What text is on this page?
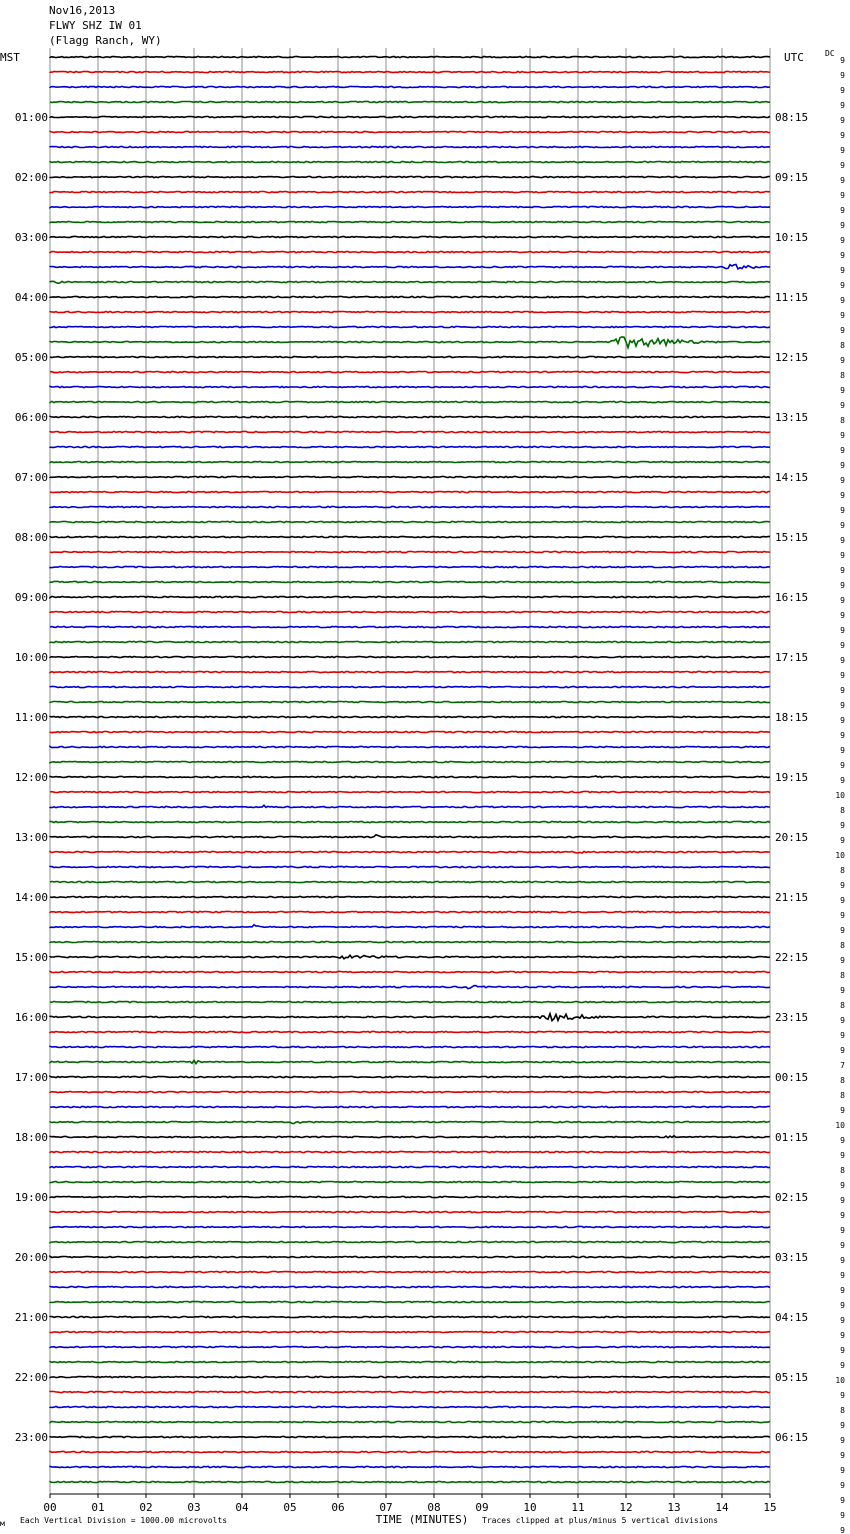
Nov16,2013
FLWY SHZ IW 01
(Flagg Ranch, WY)
MST	UTC	DC
01:00
02:00
03:00
04:00
05:00
06:00
07:00
08:00
09:00
10:00
11:00
12:00
13:00
14:00
15:00
16:00
17:00
18:00
19:00
20:00
21:00
22:00
23:00
08:15
09:15
10:15
11:15
12:15
13:15
14:15
15:15
16:15
17:15
18:15
19:15
20:15
21:15
22:15
23:15
00:15
01:15
02:15
03:15
04:15
05:15
06:15
9
9
9
9
9
9
9
9
9
9
9
9
9
9
9
9
9
9
9
8
9
8
9
9
8
9
9
9
9
9
9
9
9
9
9
9
9
9
9
9
9
9
9
9
9
9
9
9
9
10
8
9
9
10
8
9
9
9
9
8
9
8
9
8
9
9
9
7
8
8
9
10
9
9
8
9
9
9
9
9
9
9
9
9
9
9
9
9
10
9
8
9
9
9
9
9
9
9
9
00	01	02	03	04	05	06	07	08	09	10	11	12	13	14	15
TIME (MINUTES)
Each Vertical Division = 1000.00 microvolts
м	Traces clipped at plus/minus 5 vertical divisions
